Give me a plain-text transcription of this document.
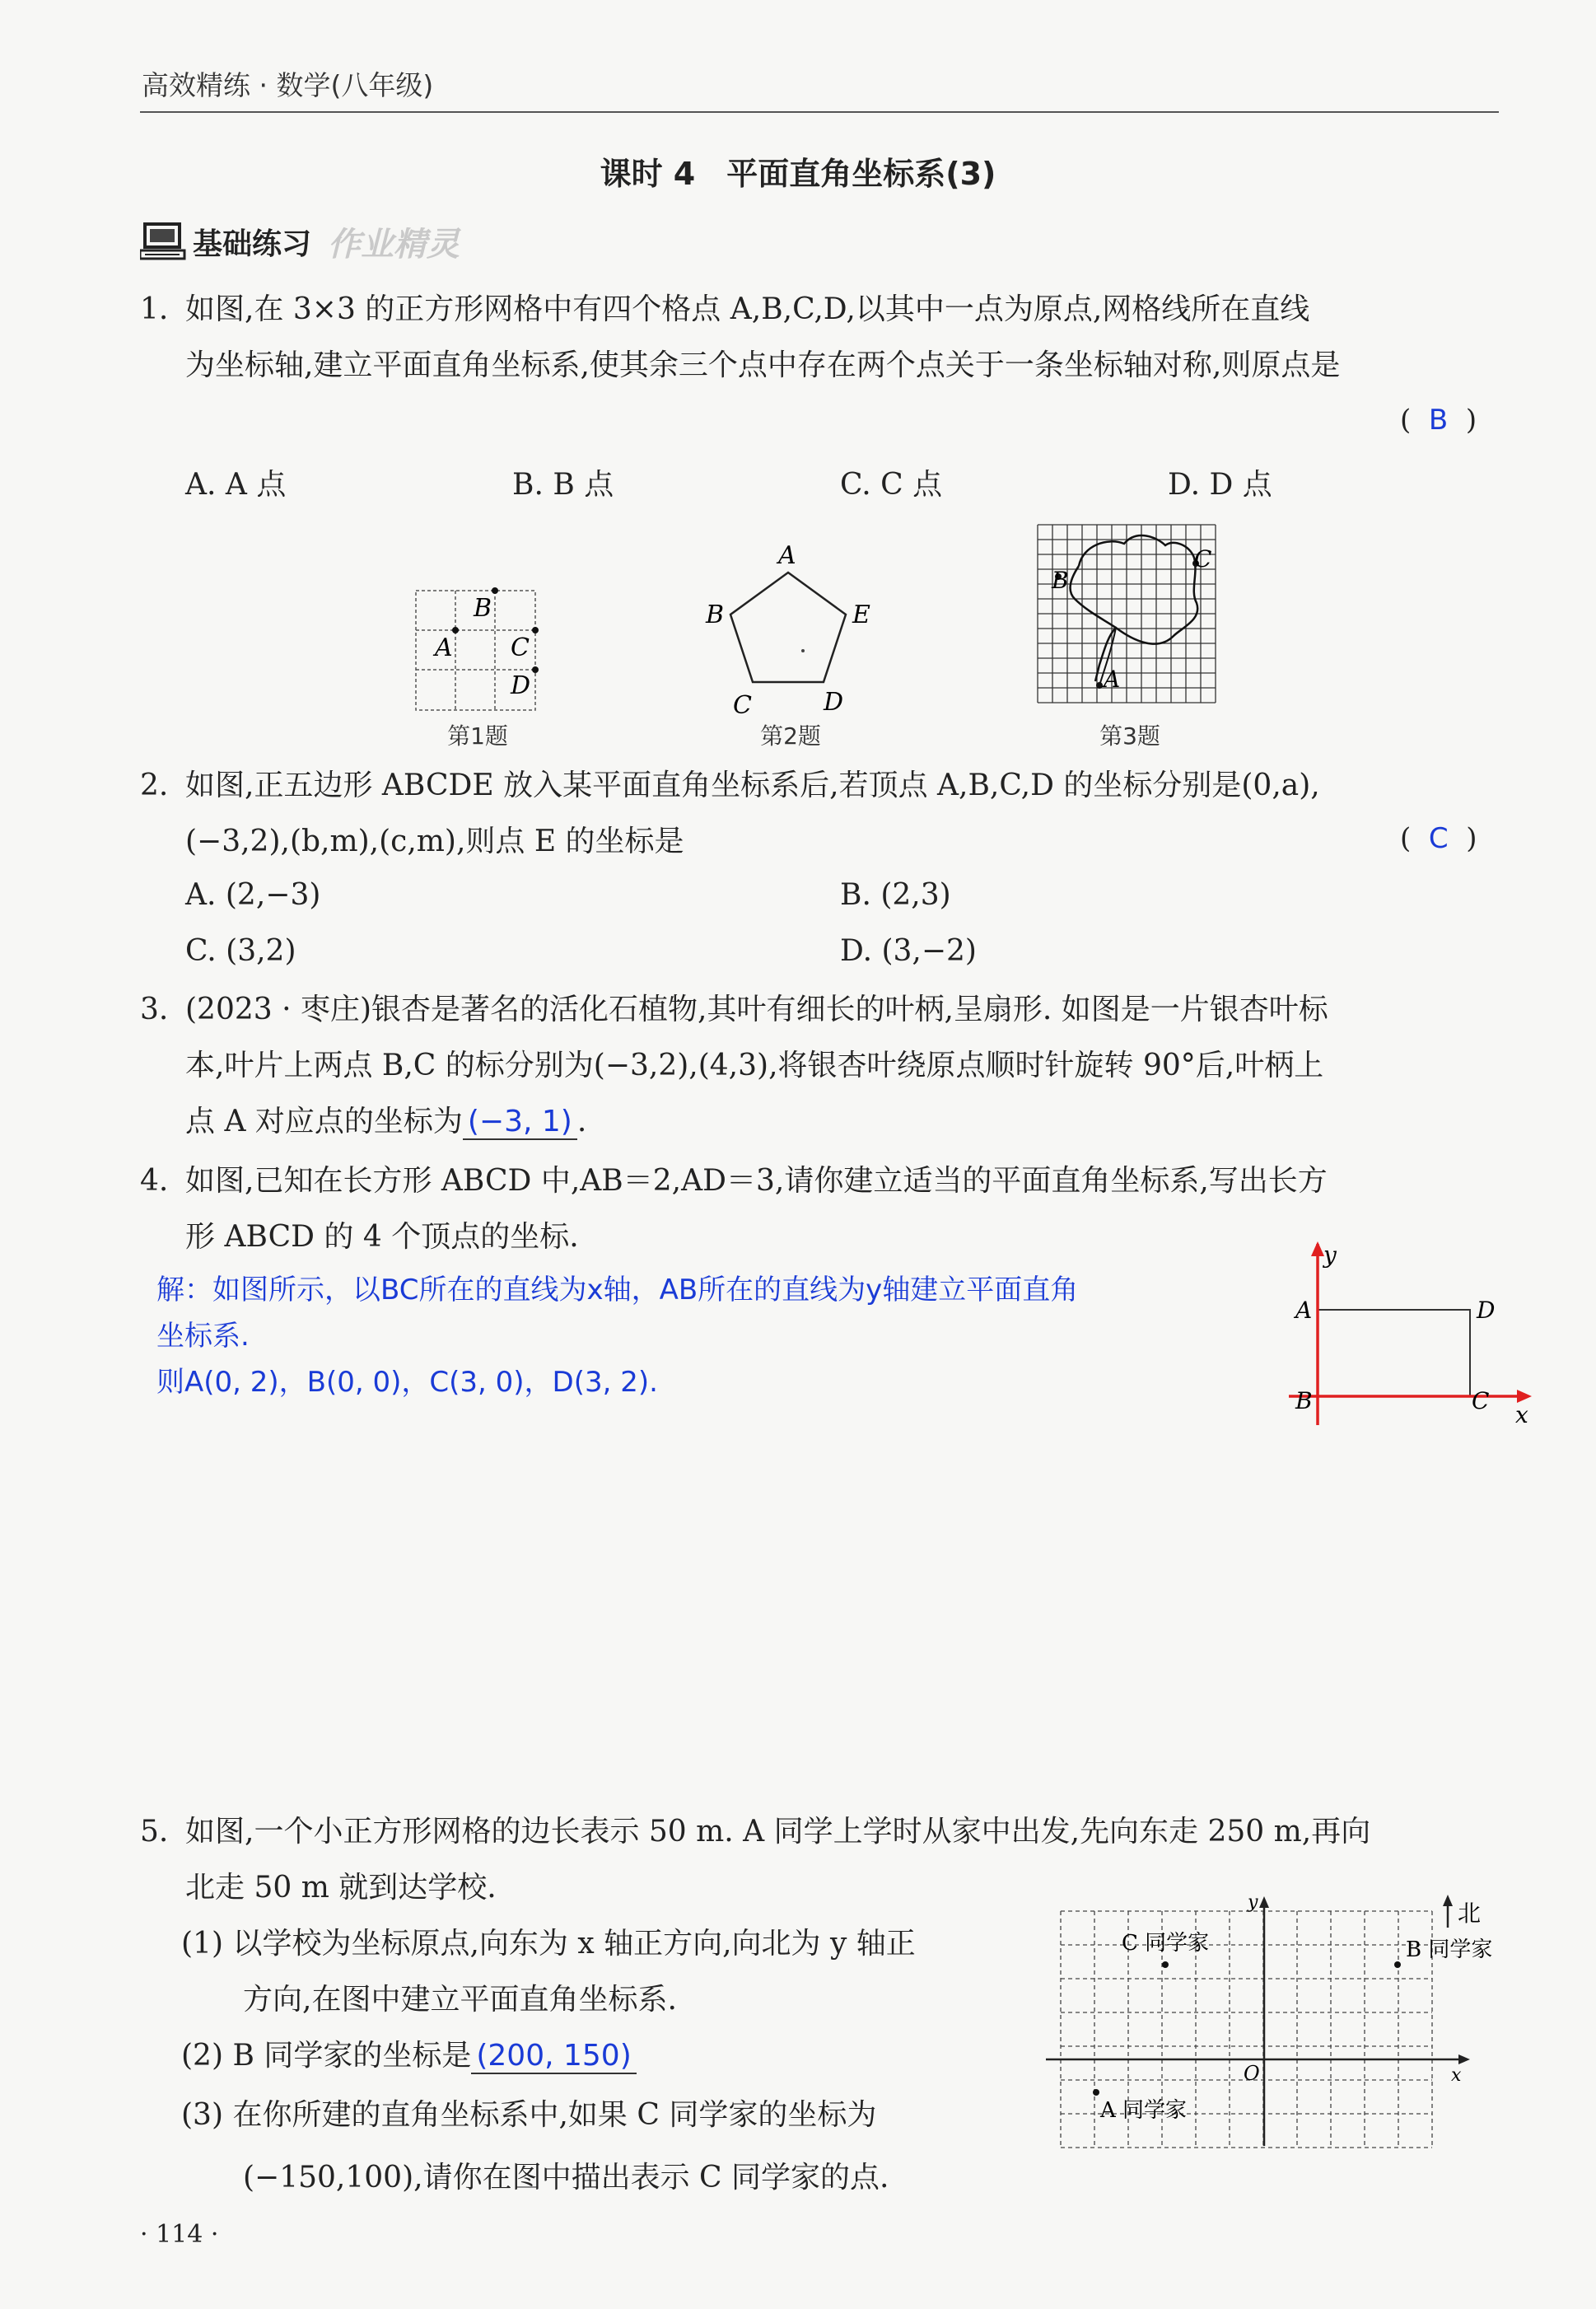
高效精练 · 数学(八年级)
课时 4　平面直角坐标系(3)
基础练习 作业精灵
1. 如图,在 3×3 的正方形网格中有四个格点 A,B,C,D,以其中一点为原点,网格线所在直线
为坐标轴,建立平面直角坐标系,使其余三个点中存在两个点关于一条坐标轴对称,则原点是
(  B  )
A. A 点	B. B 点	C. C 点	D. D 点
B
A C
D
第1题
A
B	E
C	D
第2题
B
C
A
第3题
2. 如图,正五边形 ABCDE 放入某平面直角坐标系后,若顶点 A,B,C,D 的坐标分别是(0,a),
(−3,2),(b,m),(c,m),则点 E 的坐标是	(  C  )
A. (2,−3)	B. (2,3)
C. (3,2)	D. (3,−2)
3. (2023 · 枣庄)银杏是著名的活化石植物,其叶有细长的叶柄,呈扇形. 如图是一片银杏叶标
本,叶片上两点 B,C 的标分别为(−3,2),(4,3),将银杏叶绕原点顺时针旋转 90°后,叶柄上
点 A 对应点的坐标为 (−3, 1) .
4. 如图,已知在长方形 ABCD 中,AB＝2,AD＝3,请你建立适当的平面直角坐标系,写出长方
形 ABCD 的 4 个顶点的坐标.
解：如图所示，以BC所在的直线为x轴，AB所在的直线为y轴建立平面直角
坐标系.
则A(0, 2)，B(0, 0)，C(3, 0)，D(3, 2).
y
x
A
B	C
D
5. 如图,一个小正方形网格的边长表示 50 m. A 同学上学时从家中出发,先向东走 250 m,再向
北走 50 m 就到达学校.
(1) 以学校为坐标原点,向东为 x 轴正方向,向北为 y 轴正
方向,在图中建立平面直角坐标系.
(2) B 同学家的坐标是 (200, 150)
(3) 在你所建的直角坐标系中,如果 C 同学家的坐标为
(−150,100),请你在图中描出表示 C 同学家的点.
y
x
O
北
C 同学家	B 同学家
A 同学家
· 114 ·
